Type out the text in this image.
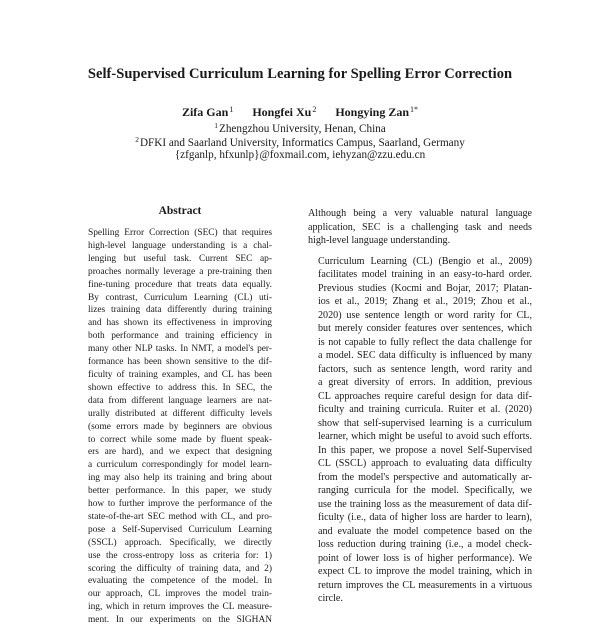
Self-Supervised Curriculum Learning for Spelling Error Correction
Zifa Gan$^1$ Hongfei Xu$^2$ Hongying Zan$^{1*}$
$^1$Zhengzhou University, Henan, China
$^2$DFKI and Saarland University, Informatics Campus, Saarland, Germany
{zfganlp, hfxunlp}@foxmail.com, iehyzan@zzu.edu.cn
Abstract
Spelling Error Correction (SEC) that requires
high-level language understanding is a chal-
lenging but useful task. Current SEC ap-
proaches normally leverage a pre-training then
fine-tuning procedure that treats data equally.
By contrast, Curriculum Learning (CL) uti-
lizes training data differently during training
and has shown its effectiveness in improving
both performance and training efficiency in
many other NLP tasks. In NMT, a model's per-
formance has been shown sensitive to the dif-
ficulty of training examples, and CL has been
shown effective to address this. In SEC, the
data from different language learners are nat-
urally distributed at different difficulty levels
(some errors made by beginners are obvious
to correct while some made by fluent speak-
ers are hard), and we expect that designing
a curriculum correspondingly for model learn-
ing may also help its training and bring about
better performance. In this paper, we study
how to further improve the performance of the
state-of-the-art SEC method with CL, and pro-
pose a Self-Supervised Curriculum Learning
(SSCL) approach. Specifically, we directly
use the cross-entropy loss as criteria for: 1)
scoring the difficulty of training data, and 2)
evaluating the competence of the model. In
our approach, CL improves the model train-
ing, which in return improves the CL measure-
ment. In our experiments on the SIGHAN

Although being a very valuable natural language
application, SEC is a challenging task and needs
high-level language understanding.

Curriculum Learning (CL) (Bengio et al., 2009)
facilitates model training in an easy-to-hard order.
Previous studies (Kocmi and Bojar, 2017; Platan-
ios et al., 2019; Zhang et al., 2019; Zhou et al.,
2020) use sentence length or word rarity for CL,
but merely consider features over sentences, which
is not capable to fully reflect the data challenge for
a model. SEC data difficulty is influenced by many
factors, such as sentence length, word rarity and
a great diversity of errors. In addition, previous
CL approaches require careful design for data dif-
ficulty and training curricula. Ruiter et al. (2020)
show that self-supervised learning is a curriculum
learner, which might be useful to avoid such efforts.
In this paper, we propose a novel Self-Supervised
CL (SSCL) approach to evaluating data difficulty
from the model's perspective and automatically ar-
ranging curricula for the model. Specifically, we
use the training loss as the measurement of data dif-
ficulty (i.e., data of higher loss are harder to learn),
and evaluate the model competence based on the
loss reduction during training (i.e., a model check-
point of lower loss is of higher performance). We
expect CL to improve the model training, which in
return improves the CL measurements in a virtuous
circle.
